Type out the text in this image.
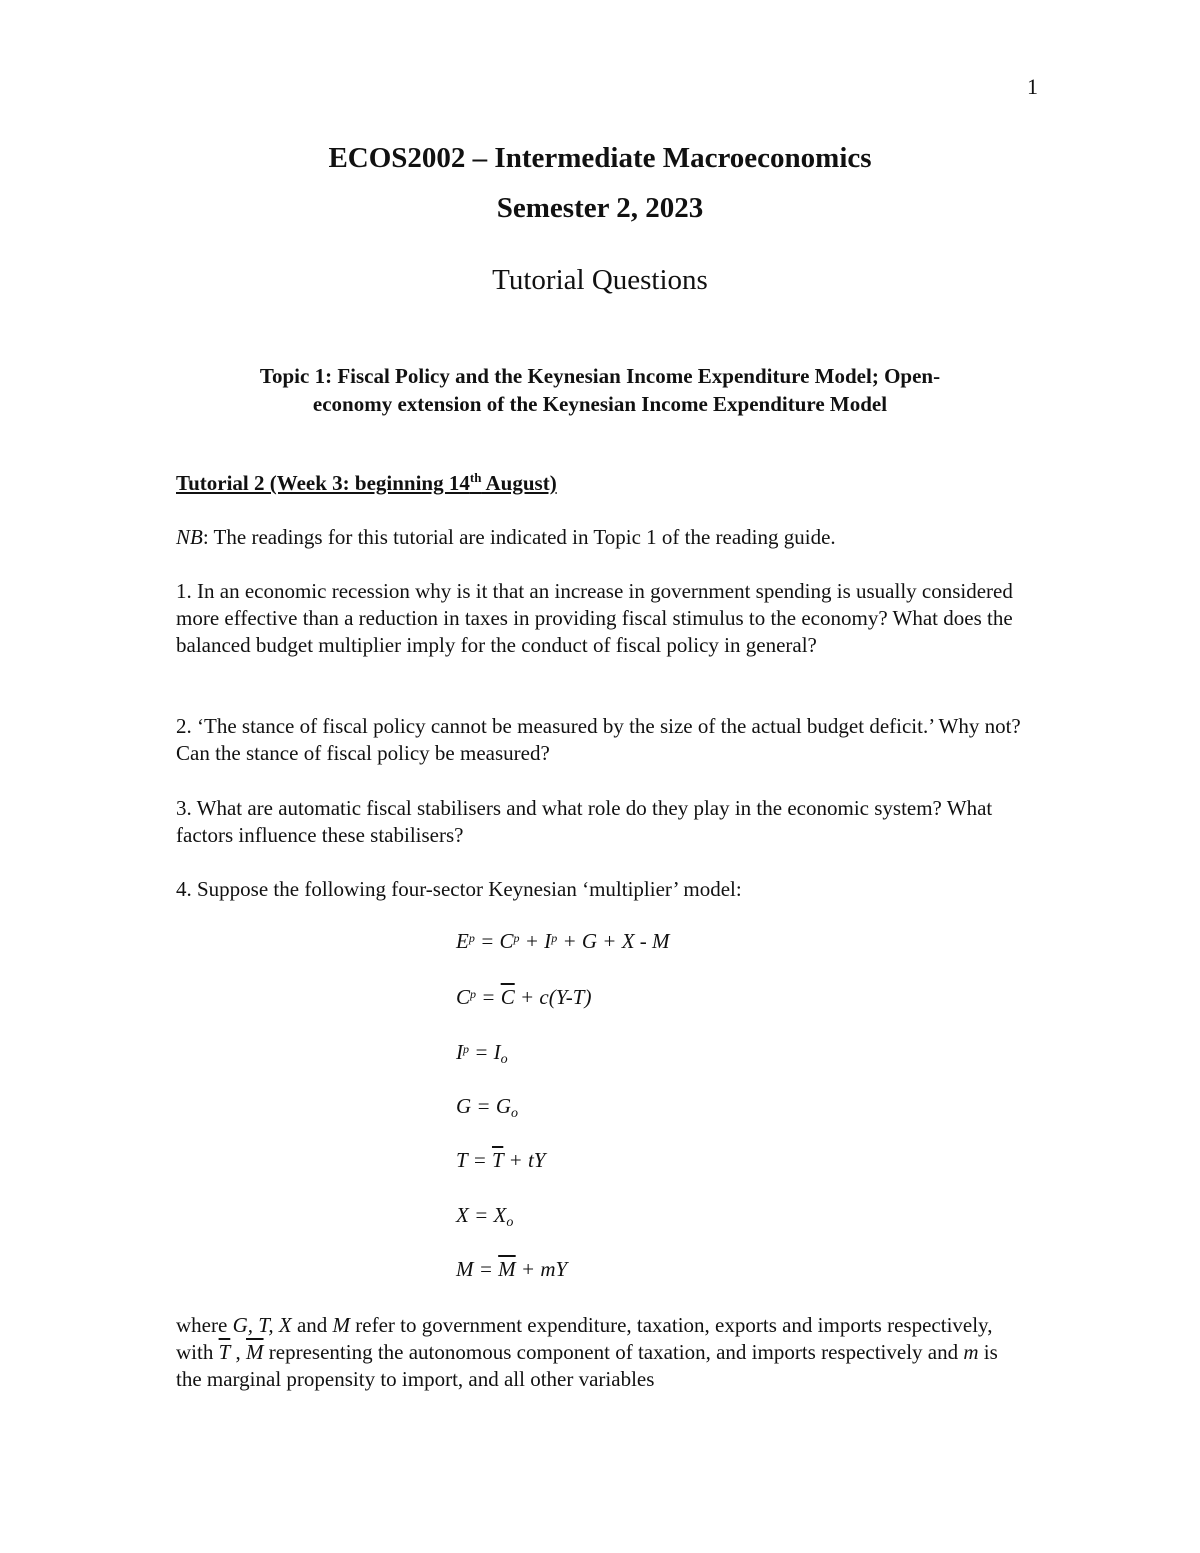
1
ECOS2002 – Intermediate Macroeconomics
Semester 2, 2023
Tutorial Questions
Topic 1: Fiscal Policy and the Keynesian Income Expenditure Model; Open-
economy extension of the Keynesian Income Expenditure Model
Tutorial 2 (Week 3: beginning 14th August)
NB: The readings for this tutorial are indicated in Topic 1 of the reading guide.
1. In an economic recession why is it that an increase in government spending is usually considered more effective than a reduction in taxes in providing fiscal stimulus to the economy? What does the balanced budget multiplier imply for the conduct of fiscal policy in general?
2. ‘The stance of fiscal policy cannot be measured by the size of the actual budget deficit.’ Why not? Can the stance of fiscal policy be measured?
3. What are automatic fiscal stabilisers and what role do they play in the economic system? What factors influence these stabilisers?
4. Suppose the following four-sector Keynesian ‘multiplier’ model:
$E^p = C^p + I^p + G + X - M$
$C^p = \overline{C} + c(Y-T)$
$I^p = I_o$
$G = G_o$
$T = \overline{T}$ + tY
$X = X_o$
$M = \overline{M}$ + mY
where G, T, X and M refer to government expenditure, taxation, exports and imports respectively, with $\overline{T}$ , $\overline{M}$ representing the autonomous component of taxation, and imports respectively and m is the marginal propensity to import, and all other variables
